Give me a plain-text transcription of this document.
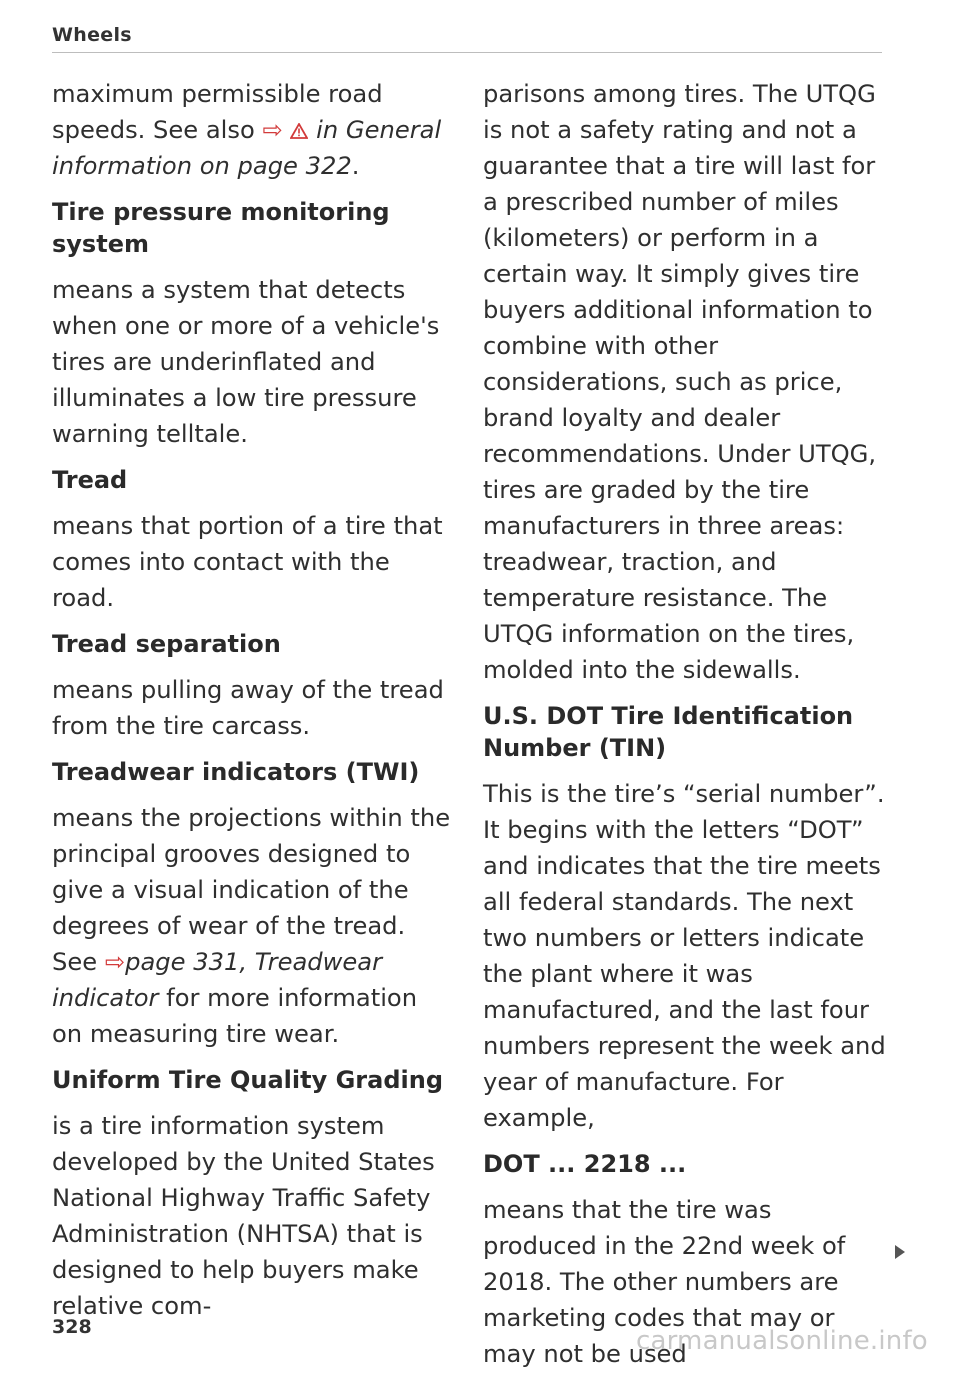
Wheels

maximum permissible road speeds. See also ⇨  in General information on page 322.

Tire pressure monitoring system

means a system that detects when one or more of a vehicle's tires are underinflated and illuminates a low tire pressure warning telltale.

Tread

means that portion of a tire that comes into contact with the road.

Tread separation

means pulling away of the tread from the tire carcass.

Treadwear indicators (TWI)

means the projections within the principal grooves designed to give a visual indication of the degrees of wear of the tread. See ⇨page 331, Treadwear indicator for more information on measuring tire wear.

Uniform Tire Quality Grading

is a tire information system developed by the United States National Highway Traffic Safety Administration (NHTSA) that is designed to help buyers make relative com-

parisons among tires. The UTQG is not a safety rating and not a guarantee that a tire will last for a prescribed number of miles (kilometers) or perform in a certain way. It simply gives tire buyers additional information to combine with other considerations, such as price, brand loyalty and dealer recommendations. Under UTQG, tires are graded by the tire manufacturers in three areas: treadwear, traction, and temperature resistance. The UTQG information on the tires, molded into the sidewalls.

U.S. DOT Tire Identification Number (TIN)

This is the tire’s “serial number”. It begins with the letters “DOT” and indicates that the tire meets all federal standards. The next two numbers or letters indicate the plant where it was manufactured, and the last four numbers represent the week and year of manufacture. For example,

DOT ... 2218 ...

means that the tire was produced in the 22nd week of 2018. The other numbers are marketing codes that may or may not be used

328	carmanualsonline.info
